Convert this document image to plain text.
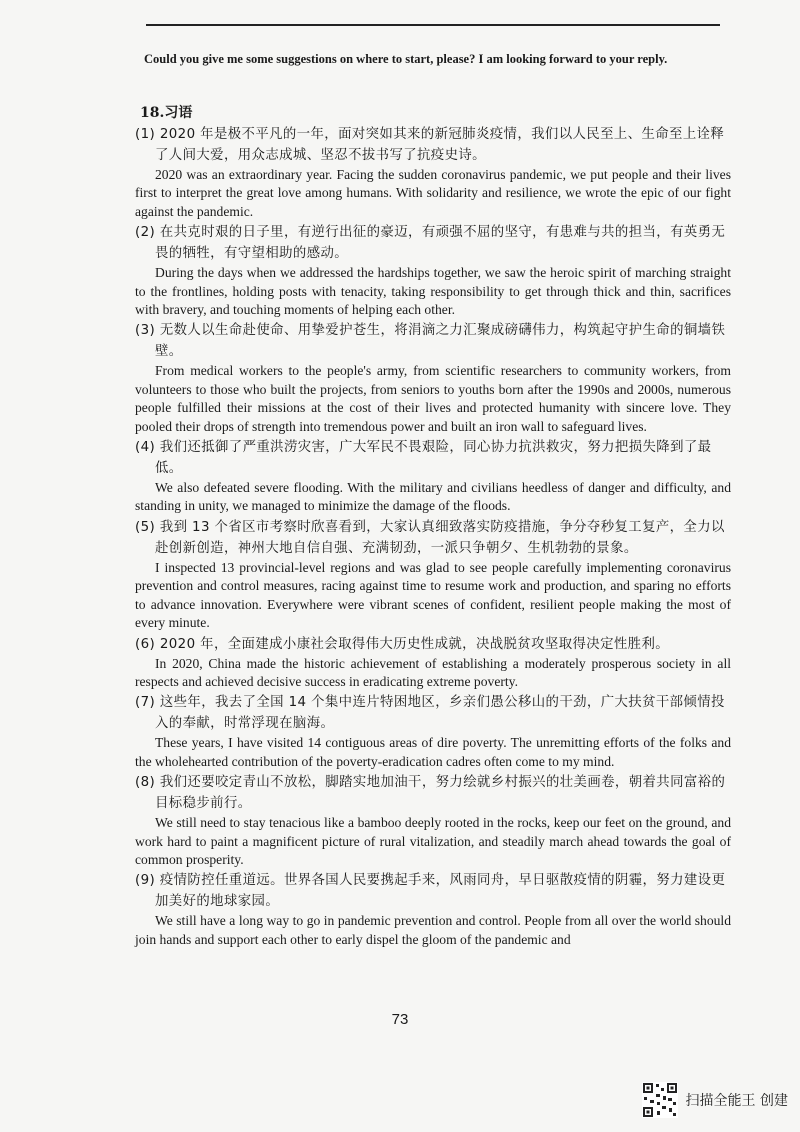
Could you give me some suggestions on where to start, please? I am looking forward to your reply.
18.习语

(1) 2020 年是极不平凡的一年，面对突如其来的新冠肺炎疫情，我们以人民至上、生命至上诠释了人间大爱，用众志成城、坚忍不拔书写了抗疫史诗。

2020 was an extraordinary year. Facing the sudden coronavirus pandemic, we put people and their lives first to interpret the great love among humans. With solidarity and resilience, we wrote the epic of our fight against the pandemic.

(2) 在共克时艰的日子里，有逆行出征的豪迈，有顽强不屈的坚守，有患难与共的担当，有英勇无畏的牺牲，有守望相助的感动。

During the days when we addressed the hardships together, we saw the heroic spirit of marching straight to the frontlines, holding posts with tenacity, taking responsibility to get through thick and thin, sacrifices with bravery, and touching moments of helping each other.

(3) 无数人以生命赴使命、用挚爱护苍生，将涓滴之力汇聚成磅礴伟力，构筑起守护生命的铜墙铁壁。

From medical workers to the people's army, from scientific researchers to community workers, from volunteers to those who built the projects, from seniors to youths born after the 1990s and 2000s, numerous people fulfilled their missions at the cost of their lives and protected humanity with sincere love. They pooled their drops of strength into tremendous power and built an iron wall to safeguard lives.

(4) 我们还抵御了严重洪涝灾害，广大军民不畏艰险，同心协力抗洪救灾，努力把损失降到了最低。

We also defeated severe flooding. With the military and civilians heedless of danger and difficulty, and standing in unity, we managed to minimize the damage of the floods.

(5) 我到 13 个省区市考察时欣喜看到，大家认真细致落实防疫措施，争分夺秒复工复产，全力以赴创新创造，神州大地自信自强、充满韧劲，一派只争朝夕、生机勃勃的景象。

I inspected 13 provincial-level regions and was glad to see people carefully implementing coronavirus prevention and control measures, racing against time to resume work and production, and sparing no efforts to advance innovation. Everywhere were vibrant scenes of confident, resilient people making the most of every minute.

(6) 2020 年，全面建成小康社会取得伟大历史性成就，决战脱贫攻坚取得决定性胜利。

In 2020, China made the historic achievement of establishing a moderately prosperous society in all respects and achieved decisive success in eradicating extreme poverty.

(7) 这些年，我去了全国 14 个集中连片特困地区，乡亲们愚公移山的干劲，广大扶贫干部倾情投入的奉献，时常浮现在脑海。

These years, I have visited 14 contiguous areas of dire poverty. The unremitting efforts of the folks and the wholehearted contribution of the poverty-eradication cadres often come to my mind.

(8) 我们还要咬定青山不放松，脚踏实地加油干，努力绘就乡村振兴的壮美画卷，朝着共同富裕的目标稳步前行。

We still need to stay tenacious like a bamboo deeply rooted in the rocks, keep our feet on the ground, and work hard to paint a magnificent picture of rural vitalization, and steadily march ahead towards the goal of common prosperity.

(9) 疫情防控任重道远。世界各国人民要携起手来，风雨同舟，早日驱散疫情的阴霾，努力建设更加美好的地球家园。

We still have a long way to go in pandemic prevention and control. People from all over the world should join hands and support each other to early dispel the gloom of the pandemic and

73
扫描全能王 创建
